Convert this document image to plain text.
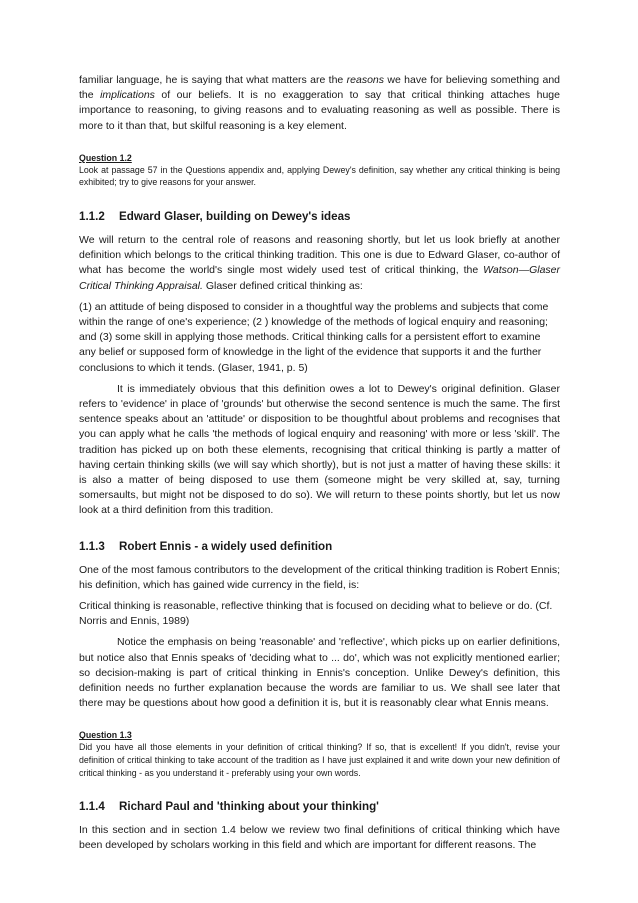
familiar language, he is saying that what matters are the reasons we have for believing something and the implications of our beliefs. It is no exaggeration to say that critical thinking attaches huge importance to reasoning, to giving reasons and to evaluating reasoning as well as possible. There is more to it than that, but skilful reasoning is a key element.

Question 1.2

Look at passage 57 in the Questions appendix and, applying Dewey's definition, say whether any critical thinking is being exhibited; try to give reasons for your answer.

1.1.2	Edward Glaser, building on Dewey's ideas

We will return to the central role of reasons and reasoning shortly, but let us look briefly at another definition which belongs to the critical thinking tradition. This one is due to Edward Glaser, co-author of what has become the world's single most widely used test of critical thinking, the Watson—Glaser Critical Thinking Appraisal. Glaser defined critical thinking as:

(1) an attitude of being disposed to consider in a thoughtful way the problems and subjects that come within the range of one's experience; (2 ) knowledge of the methods of logical enquiry and reasoning;

and (3) some skill in applying those methods. Critical thinking calls for a persistent effort to examine any belief or supposed form of knowledge in the light of the evidence that supports it and the further conclusions to which it tends. (Glaser, 1941, p. 5)

It is immediately obvious that this definition owes a lot to Dewey's original definition. Glaser refers to 'evidence' in place of 'grounds' but otherwise the second sentence is much the same. The first sentence speaks about an 'attitude' or disposition to be thoughtful about problems and recognises that you can apply what he calls 'the methods of logical enquiry and reasoning' with more or less 'skill'. The tradition has picked up on both these elements, recognising that critical thinking is partly a matter of having certain thinking skills (we will say which shortly), but is not just a matter of having these skills: it is also a matter of being disposed to use them (someone might be very skilled at, say, turning somersaults, but might not be disposed to do so). We will return to these points shortly, but let us now look at a third definition from this tradition.

1.1.3	Robert Ennis - a widely used definition

One of the most famous contributors to the development of the critical thinking tradition is Robert Ennis; his definition, which has gained wide currency in the field, is:

Critical thinking is reasonable, reflective thinking that is focused on deciding what to believe or do. (Cf. Norris and Ennis, 1989)

Notice the emphasis on being 'reasonable' and 'reflective', which picks up on earlier definitions, but notice also that Ennis speaks of 'deciding what to ... do', which was not explicitly mentioned earlier; so decision-making is part of critical thinking in Ennis's conception. Unlike Dewey's definition, this definition needs no further explanation because the words are familiar to us. We shall see later that there may be questions about how good a definition it is, but it is reasonably clear what Ennis means.

Question 1.3

Did you have all those elements in your definition of critical thinking? If so, that is excellent! If you didn't, revise your definition of critical thinking to take account of the tradition as I have just explained it and write down your new definition of critical thinking - as you understand it - preferably using your own words.

1.1.4	Richard Paul and 'thinking about your thinking'

In this section and in section 1.4 below we review two final definitions of critical thinking which have been developed by scholars working in this field and which are important for different reasons. The
